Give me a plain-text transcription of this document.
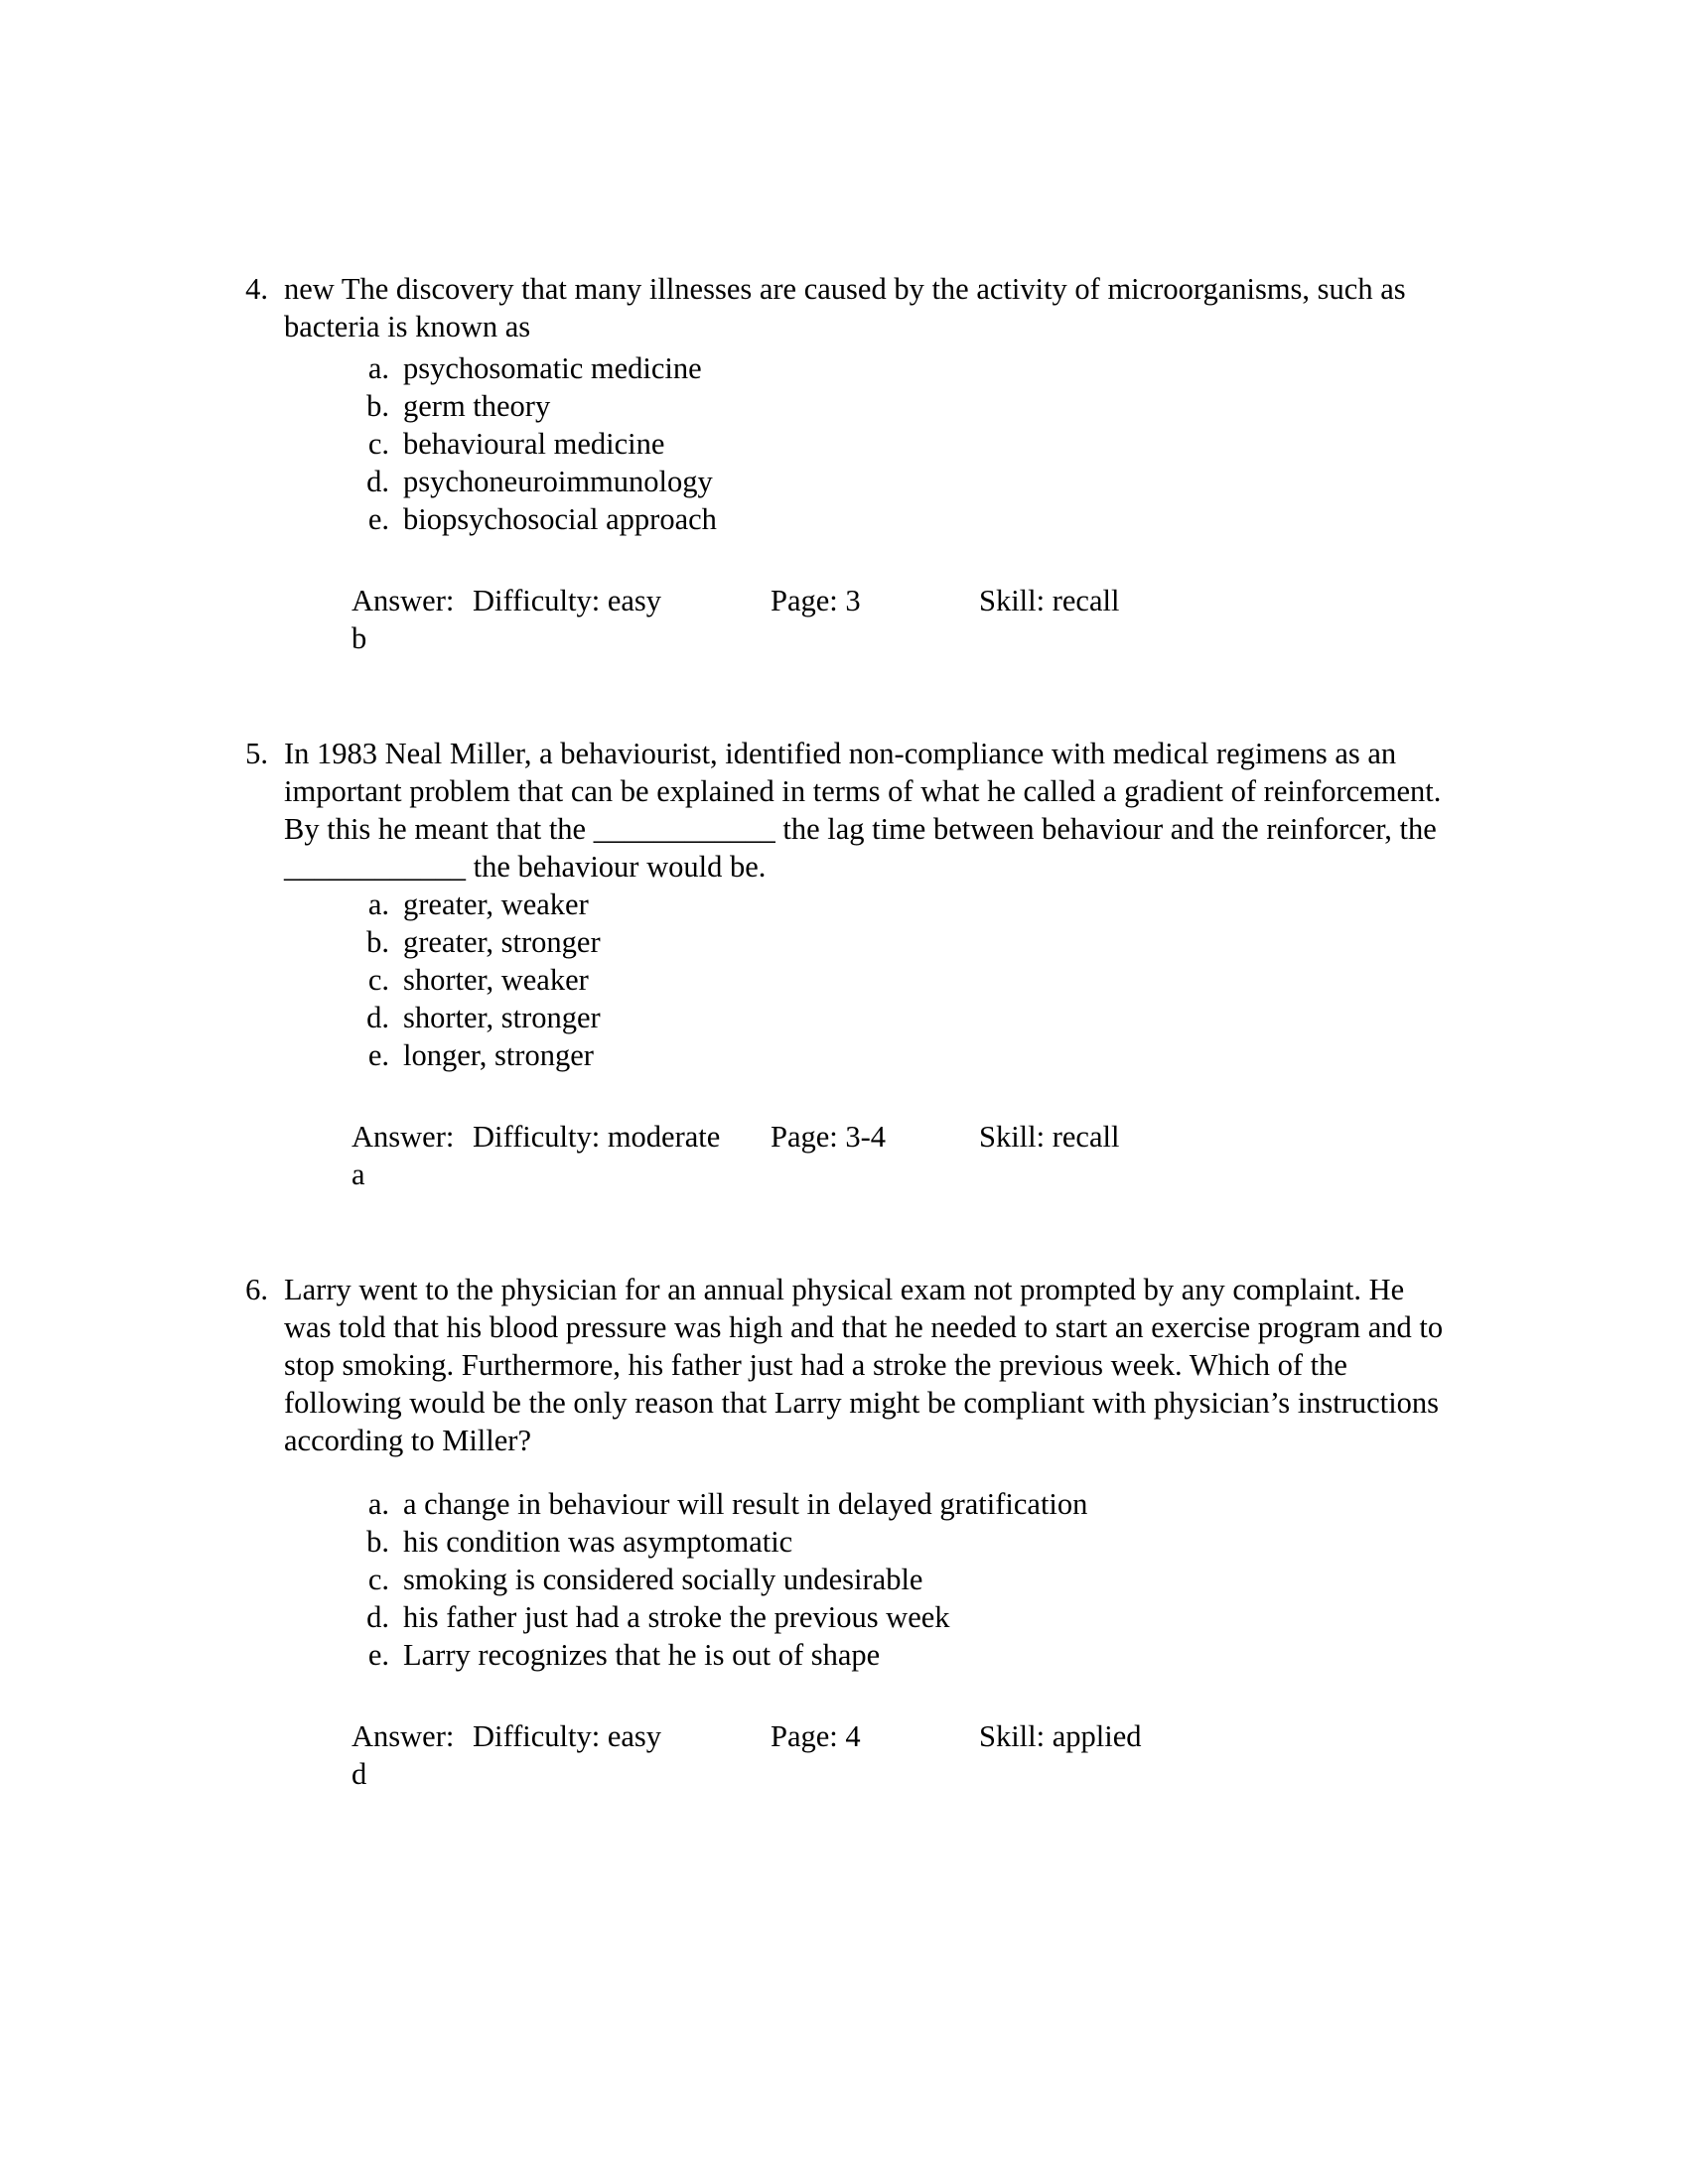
4. new The discovery that many illnesses are caused by the activity of microorganisms, such as bacteria is known as
a. psychosomatic medicine
b. germ theory
c. behavioural medicine
d. psychoneuroimmunology
e. biopsychosocial approach
Answer: b
Difficulty: easy	Page: 3	Skill: recall
5. In 1983 Neal Miller, a behaviourist, identified non-compliance with medical regimens as an important problem that can be explained in terms of what he called a gradient of reinforcement. By this he meant that the ____________ the lag time between behaviour and the reinforcer, the ____________ the behaviour would be.
a. greater, weaker
b. greater, stronger
c. shorter, weaker
d. shorter, stronger
e. longer, stronger
Answer: a
Difficulty: moderate	Page: 3-4	Skill: recall
6. Larry went to the physician for an annual physical exam not prompted by any complaint. He was told that his blood pressure was high and that he needed to start an exercise program and to stop smoking. Furthermore, his father just had a stroke the previous week. Which of the following would be the only reason that Larry might be compliant with physician’s instructions according to Miller?
a. a change in behaviour will result in delayed gratification
b. his condition was asymptomatic
c. smoking is considered socially undesirable
d. his father just had a stroke the previous week
e. Larry recognizes that he is out of shape
Answer: d
Difficulty: easy	Page: 4	Skill: applied
